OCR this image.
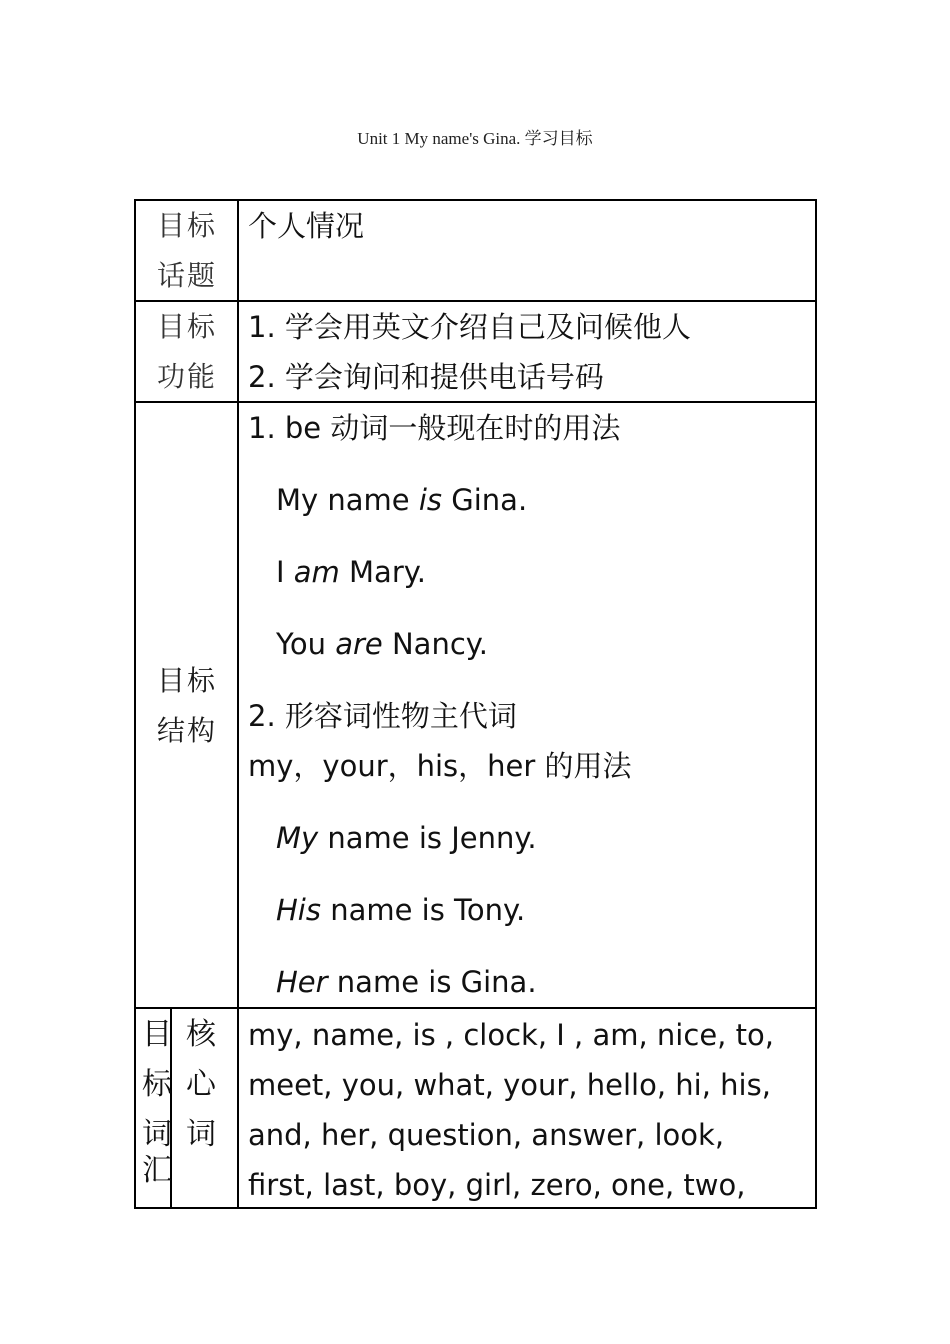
Unit 1 My name's Gina. 学习目标
目标
话题
个人情况
目标
功能
1. 学会用英文介绍自己及问候他人
2. 学会询问和提供电话号码
目标
结构
1. be 动词一般现在时的用法
My name is Gina.
I am Mary.
You are Nancy.
2. 形容词性物主代词
my，your，his，her 的用法
My name is Jenny.
His name is Tony.
Her name is Gina.
目
标
词
汇
核
心
词
my, name, is , clock, I , am, nice, to,
meet, you, what, your, hello, hi, his,
and, her, question, answer, look,
first, last, boy, girl, zero, one, two,
